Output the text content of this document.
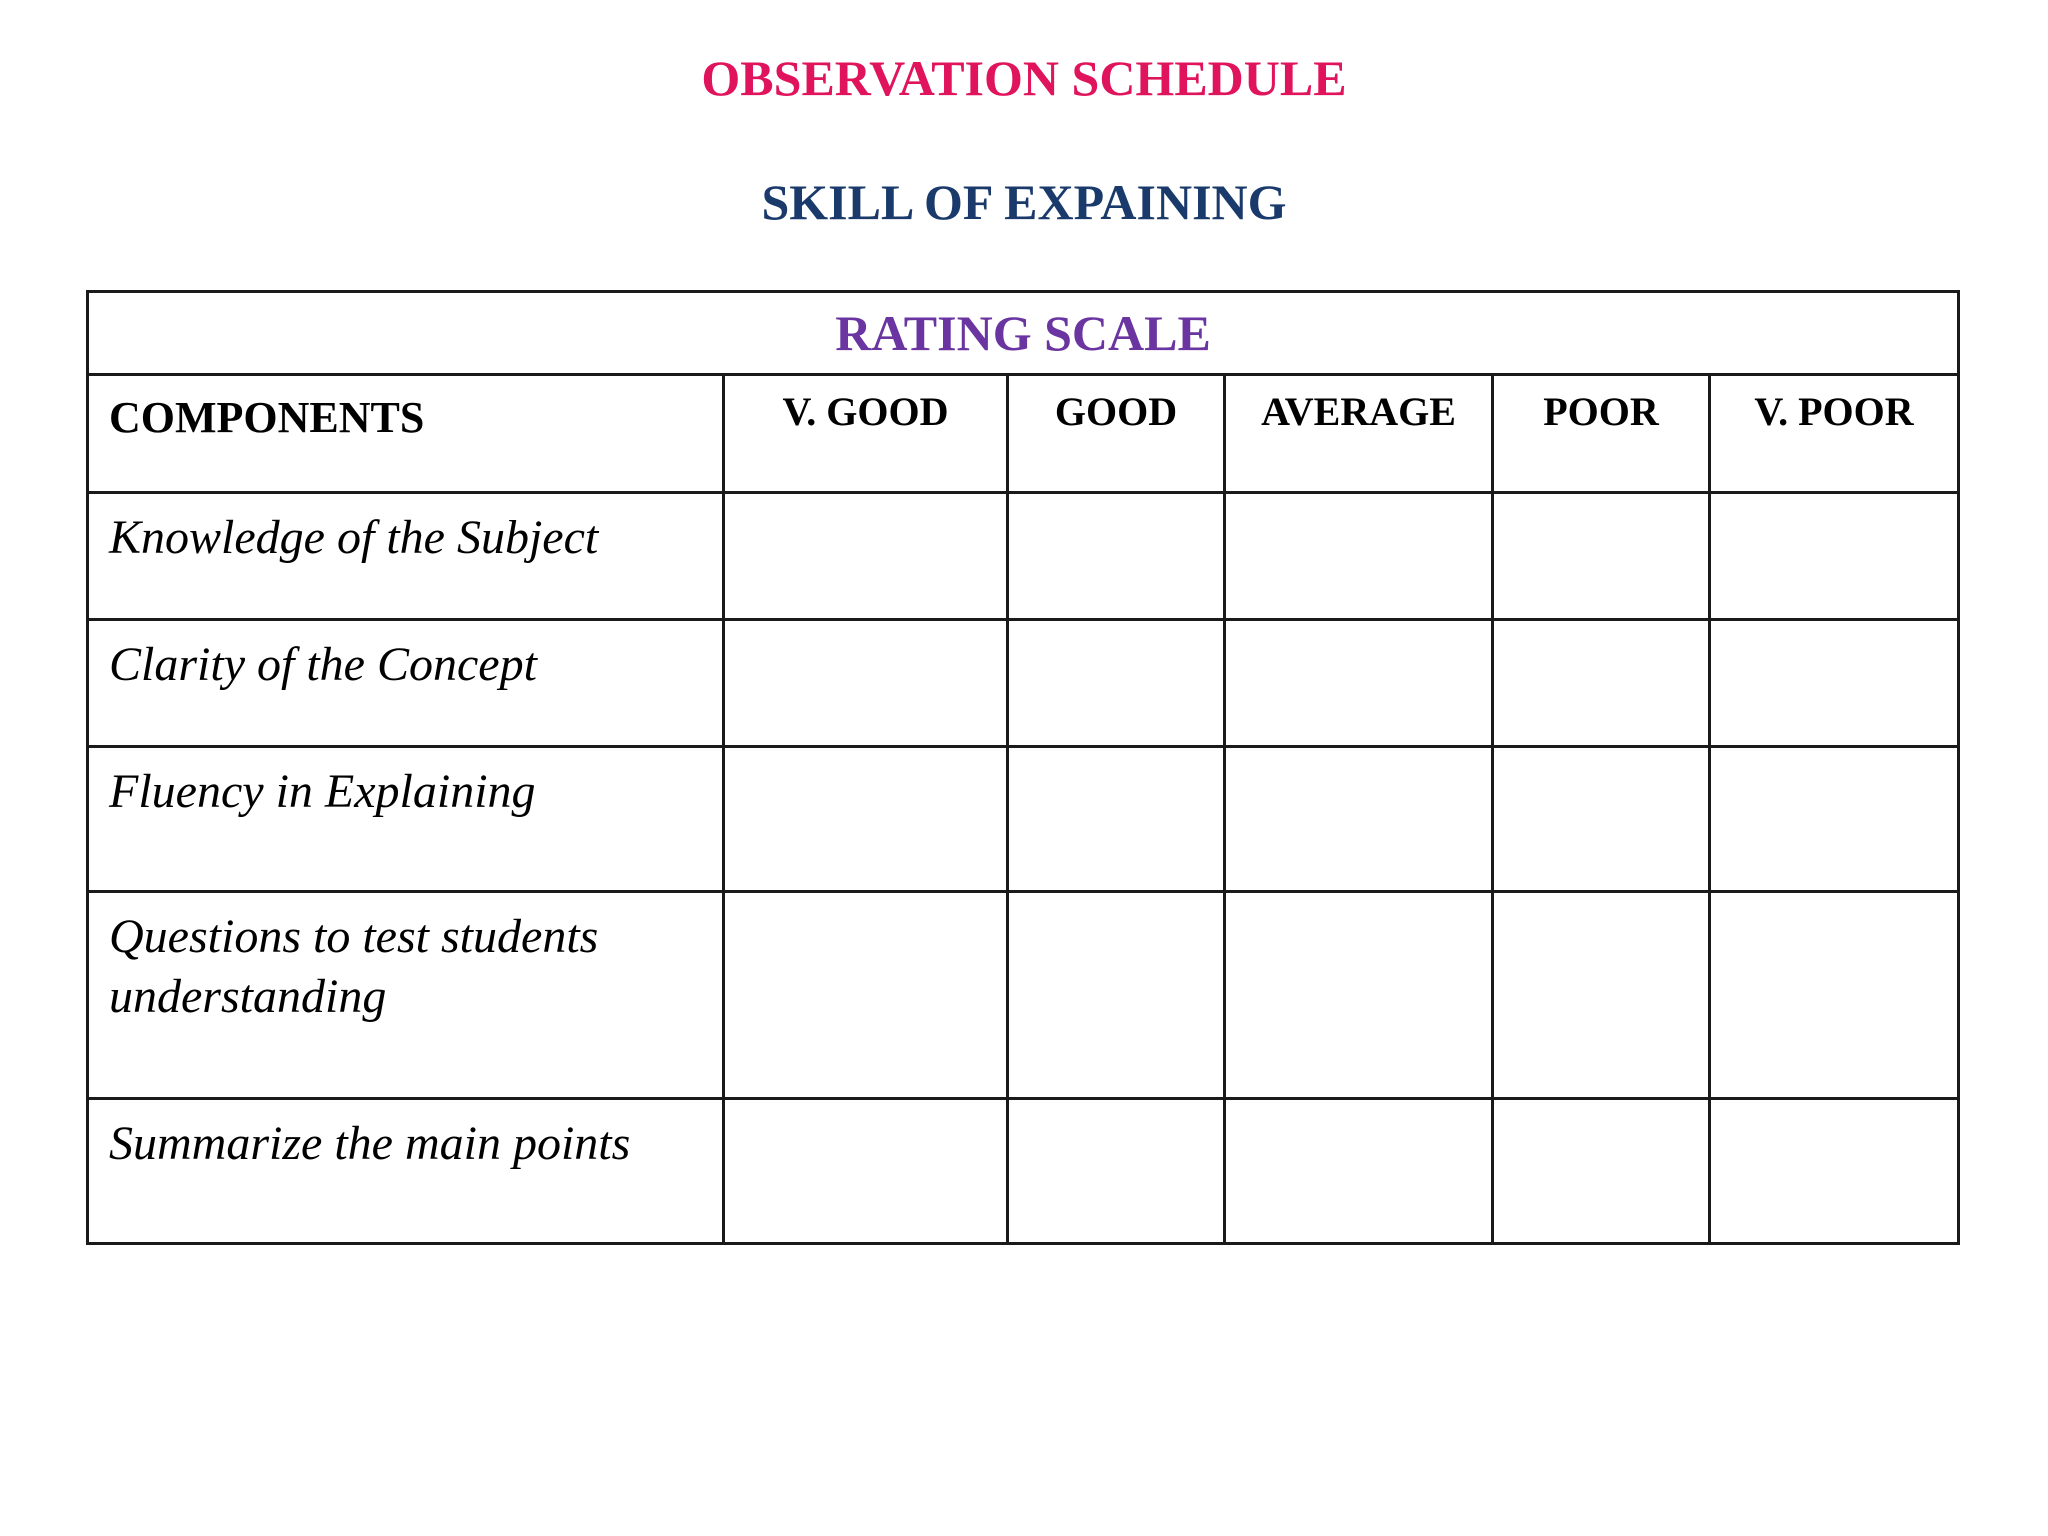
OBSERVATION SCHEDULE
SKILL OF EXPAINING
RATING SCALE					
COMPONENTS	V. GOOD	GOOD	AVERAGE	POOR	V. POOR
Knowledge of the Subject					
Clarity of the Concept					
Fluency in Explaining					
Questions to test students understanding					
Summarize the main points					
